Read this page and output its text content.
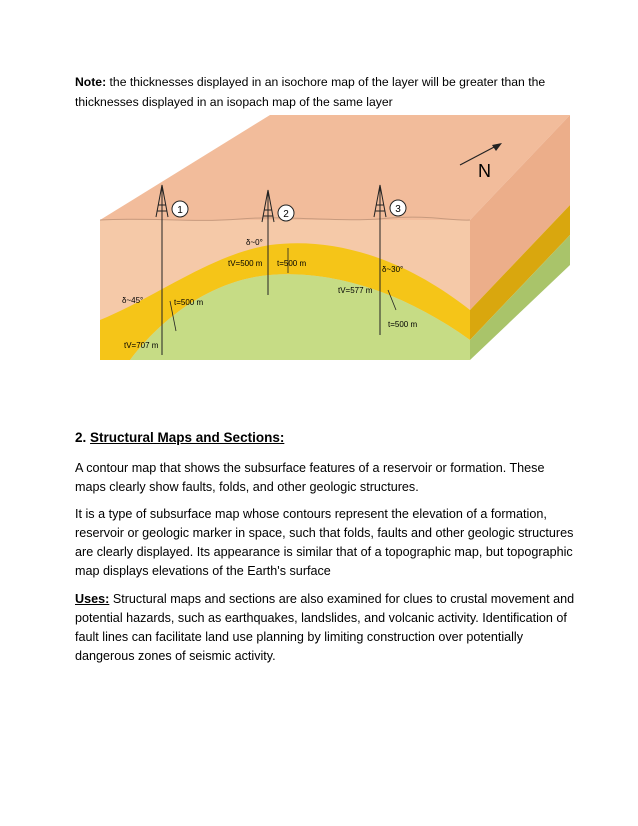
Note: the thicknesses displayed in an isochore map of the layer will be greater than the thicknesses displayed in an isopach map of the same layer
1	2	3
N
δ~0°
tV=500 m t=500 m
δ~30°
tV=577 m
t=500 m
δ~45°	t=500 m
tV=707 m
2. Structural Maps and Sections:
A contour map that shows the subsurface features of a reservoir or formation. These maps clearly show faults, folds, and other geologic structures.
It is a type of subsurface map whose contours represent the elevation of a formation, reservoir or geologic marker in space, such that folds, faults and other geologic structures are clearly displayed. Its appearance is similar that of a topographic map, but topographic map displays elevations of the Earth's surface
Uses: Structural maps and sections are also examined for clues to crustal movement and potential hazards, such as earthquakes, landslides, and volcanic activity. Identification of fault lines can facilitate land use planning by limiting construction over potentially dangerous zones of seismic activity.
